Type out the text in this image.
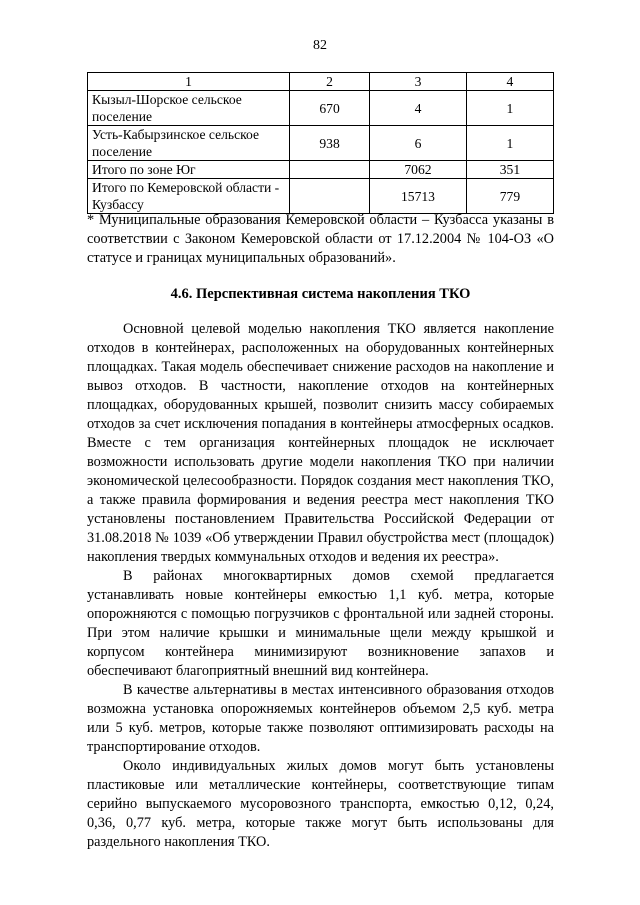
82
1	2	3	4
Кызыл-Шорское сельское поселение	670	4	1
Усть-Кабырзинское сельское поселение	938	6	1
Итого по зоне Юг		7062	351
Итого по Кемеровской области - Кузбассу		15713	779
* Муниципальные образования Кемеровской области – Кузбасса указаны в соответствии с Законом Кемеровской области от 17.12.2004 № 104-ОЗ «О статусе и границах муниципальных образований».
4.6. Перспективная система накопления ТКО

Основной целевой моделью накопления ТКО является накопление отходов в контейнерах, расположенных на оборудованных контейнерных площадках. Такая модель обеспечивает снижение расходов на накопление и вывоз отходов. В частности, накопление отходов на контейнерных площадках, оборудованных крышей, позволит снизить массу собираемых отходов за счет исключения попадания в контейнеры атмосферных осадков. Вместе с тем организация контейнерных площадок не исключает возможности использовать другие модели накопления ТКО при наличии экономической целесообразности. Порядок создания мест накопления ТКО, а также правила формирования и ведения реестра мест накопления ТКО установлены постановлением Правительства Российской Федерации от 31.08.2018 № 1039 «Об утверждении Правил обустройства мест (площадок) накопления твердых коммунальных отходов и ведения их реестра».

В районах многоквартирных домов схемой предлагается устанавливать новые контейнеры емкостью 1,1 куб. метра, которые опорожняются с помощью погрузчиков с фронтальной или задней стороны. При этом наличие крышки и минимальные щели между крышкой и корпусом контейнера минимизируют возникновение запахов и обеспечивают благоприятный внешний вид контейнера.

В качестве альтернативы в местах интенсивного образования отходов возможна установка опорожняемых контейнеров объемом 2,5 куб. метра или 5 куб. метров, которые также позволяют оптимизировать расходы на транспортирование отходов.

Около индивидуальных жилых домов могут быть установлены пластиковые или металлические контейнеры, соответствующие типам серийно выпускаемого мусоровозного транспорта, емкостью 0,12, 0,24, 0,36, 0,77 куб. метра, которые также могут быть использованы для раздельного накопления ТКО.
